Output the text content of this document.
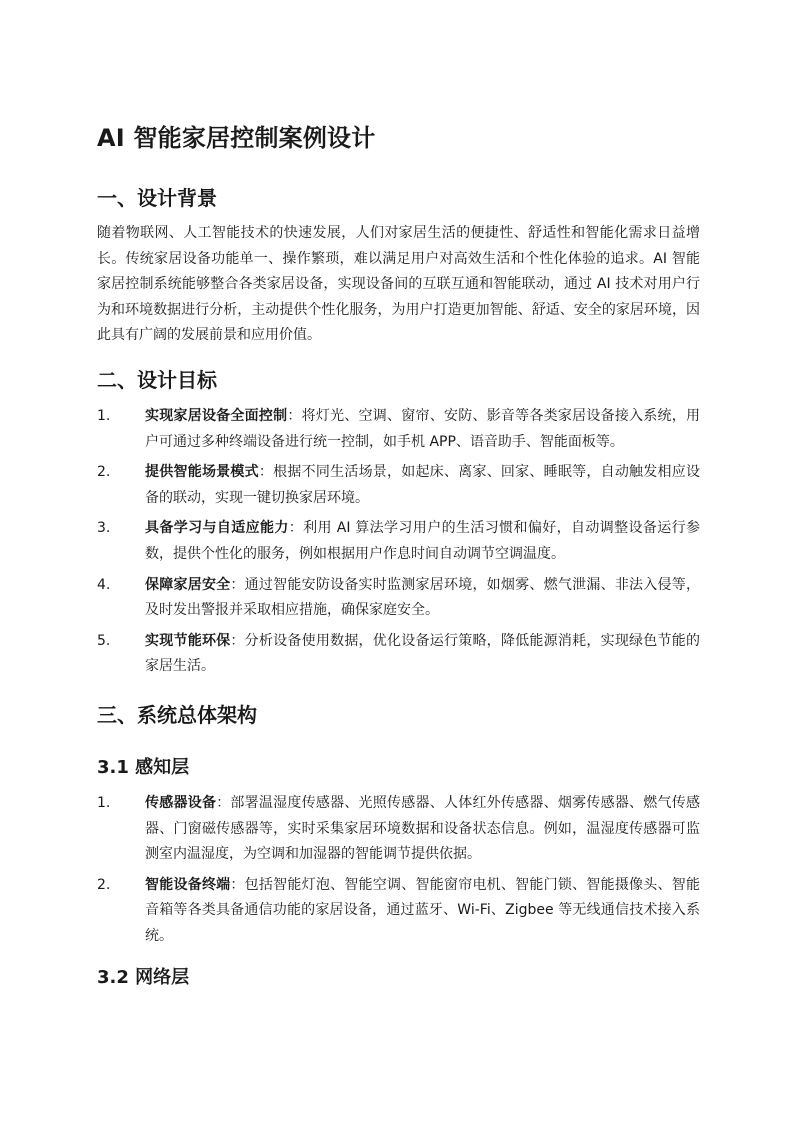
AI 智能家居控制案例设计
一、设计背景

随着物联网、人工智能技术的快速发展，人们对家居生活的便捷性、舒适性和智能化需求日益增长。传统家居设备功能单一、操作繁琐，难以满足用户对高效生活和个性化体验的追求。AI 智能家居控制系统能够整合各类家居设备，实现设备间的互联互通和智能联动，通过 AI 技术对用户行为和环境数据进行分析，主动提供个性化服务，为用户打造更加智能、舒适、安全的家居环境，因此具有广阔的发展前景和应用价值。

二、设计目标
1. 实现家居设备全面控制：将灯光、空调、窗帘、安防、影音等各类家居设备接入系统，用户可通过多种终端设备进行统一控制，如手机 APP、语音助手、智能面板等。
2. 提供智能场景模式：根据不同生活场景，如起床、离家、回家、睡眠等，自动触发相应设备的联动，实现一键切换家居环境。
3. 具备学习与自适应能力：利用 AI 算法学习用户的生活习惯和偏好，自动调整设备运行参数，提供个性化的服务，例如根据用户作息时间自动调节空调温度。
4. 保障家居安全：通过智能安防设备实时监测家居环境，如烟雾、燃气泄漏、非法入侵等，及时发出警报并采取相应措施，确保家庭安全。
5. 实现节能环保：分析设备使用数据，优化设备运行策略，降低能源消耗，实现绿色节能的家居生活。
三、系统总体架构
3.1 感知层
1. 传感器设备：部署温湿度传感器、光照传感器、人体红外传感器、烟雾传感器、燃气传感器、门窗磁传感器等，实时采集家居环境数据和设备状态信息。例如，温湿度传感器可监测室内温湿度，为空调和加湿器的智能调节提供依据。
2. 智能设备终端：包括智能灯泡、智能空调、智能窗帘电机、智能门锁、智能摄像头、智能音箱等各类具备通信功能的家居设备，通过蓝牙、Wi-Fi、Zigbee 等无线通信技术接入系统。
3.2 网络层
